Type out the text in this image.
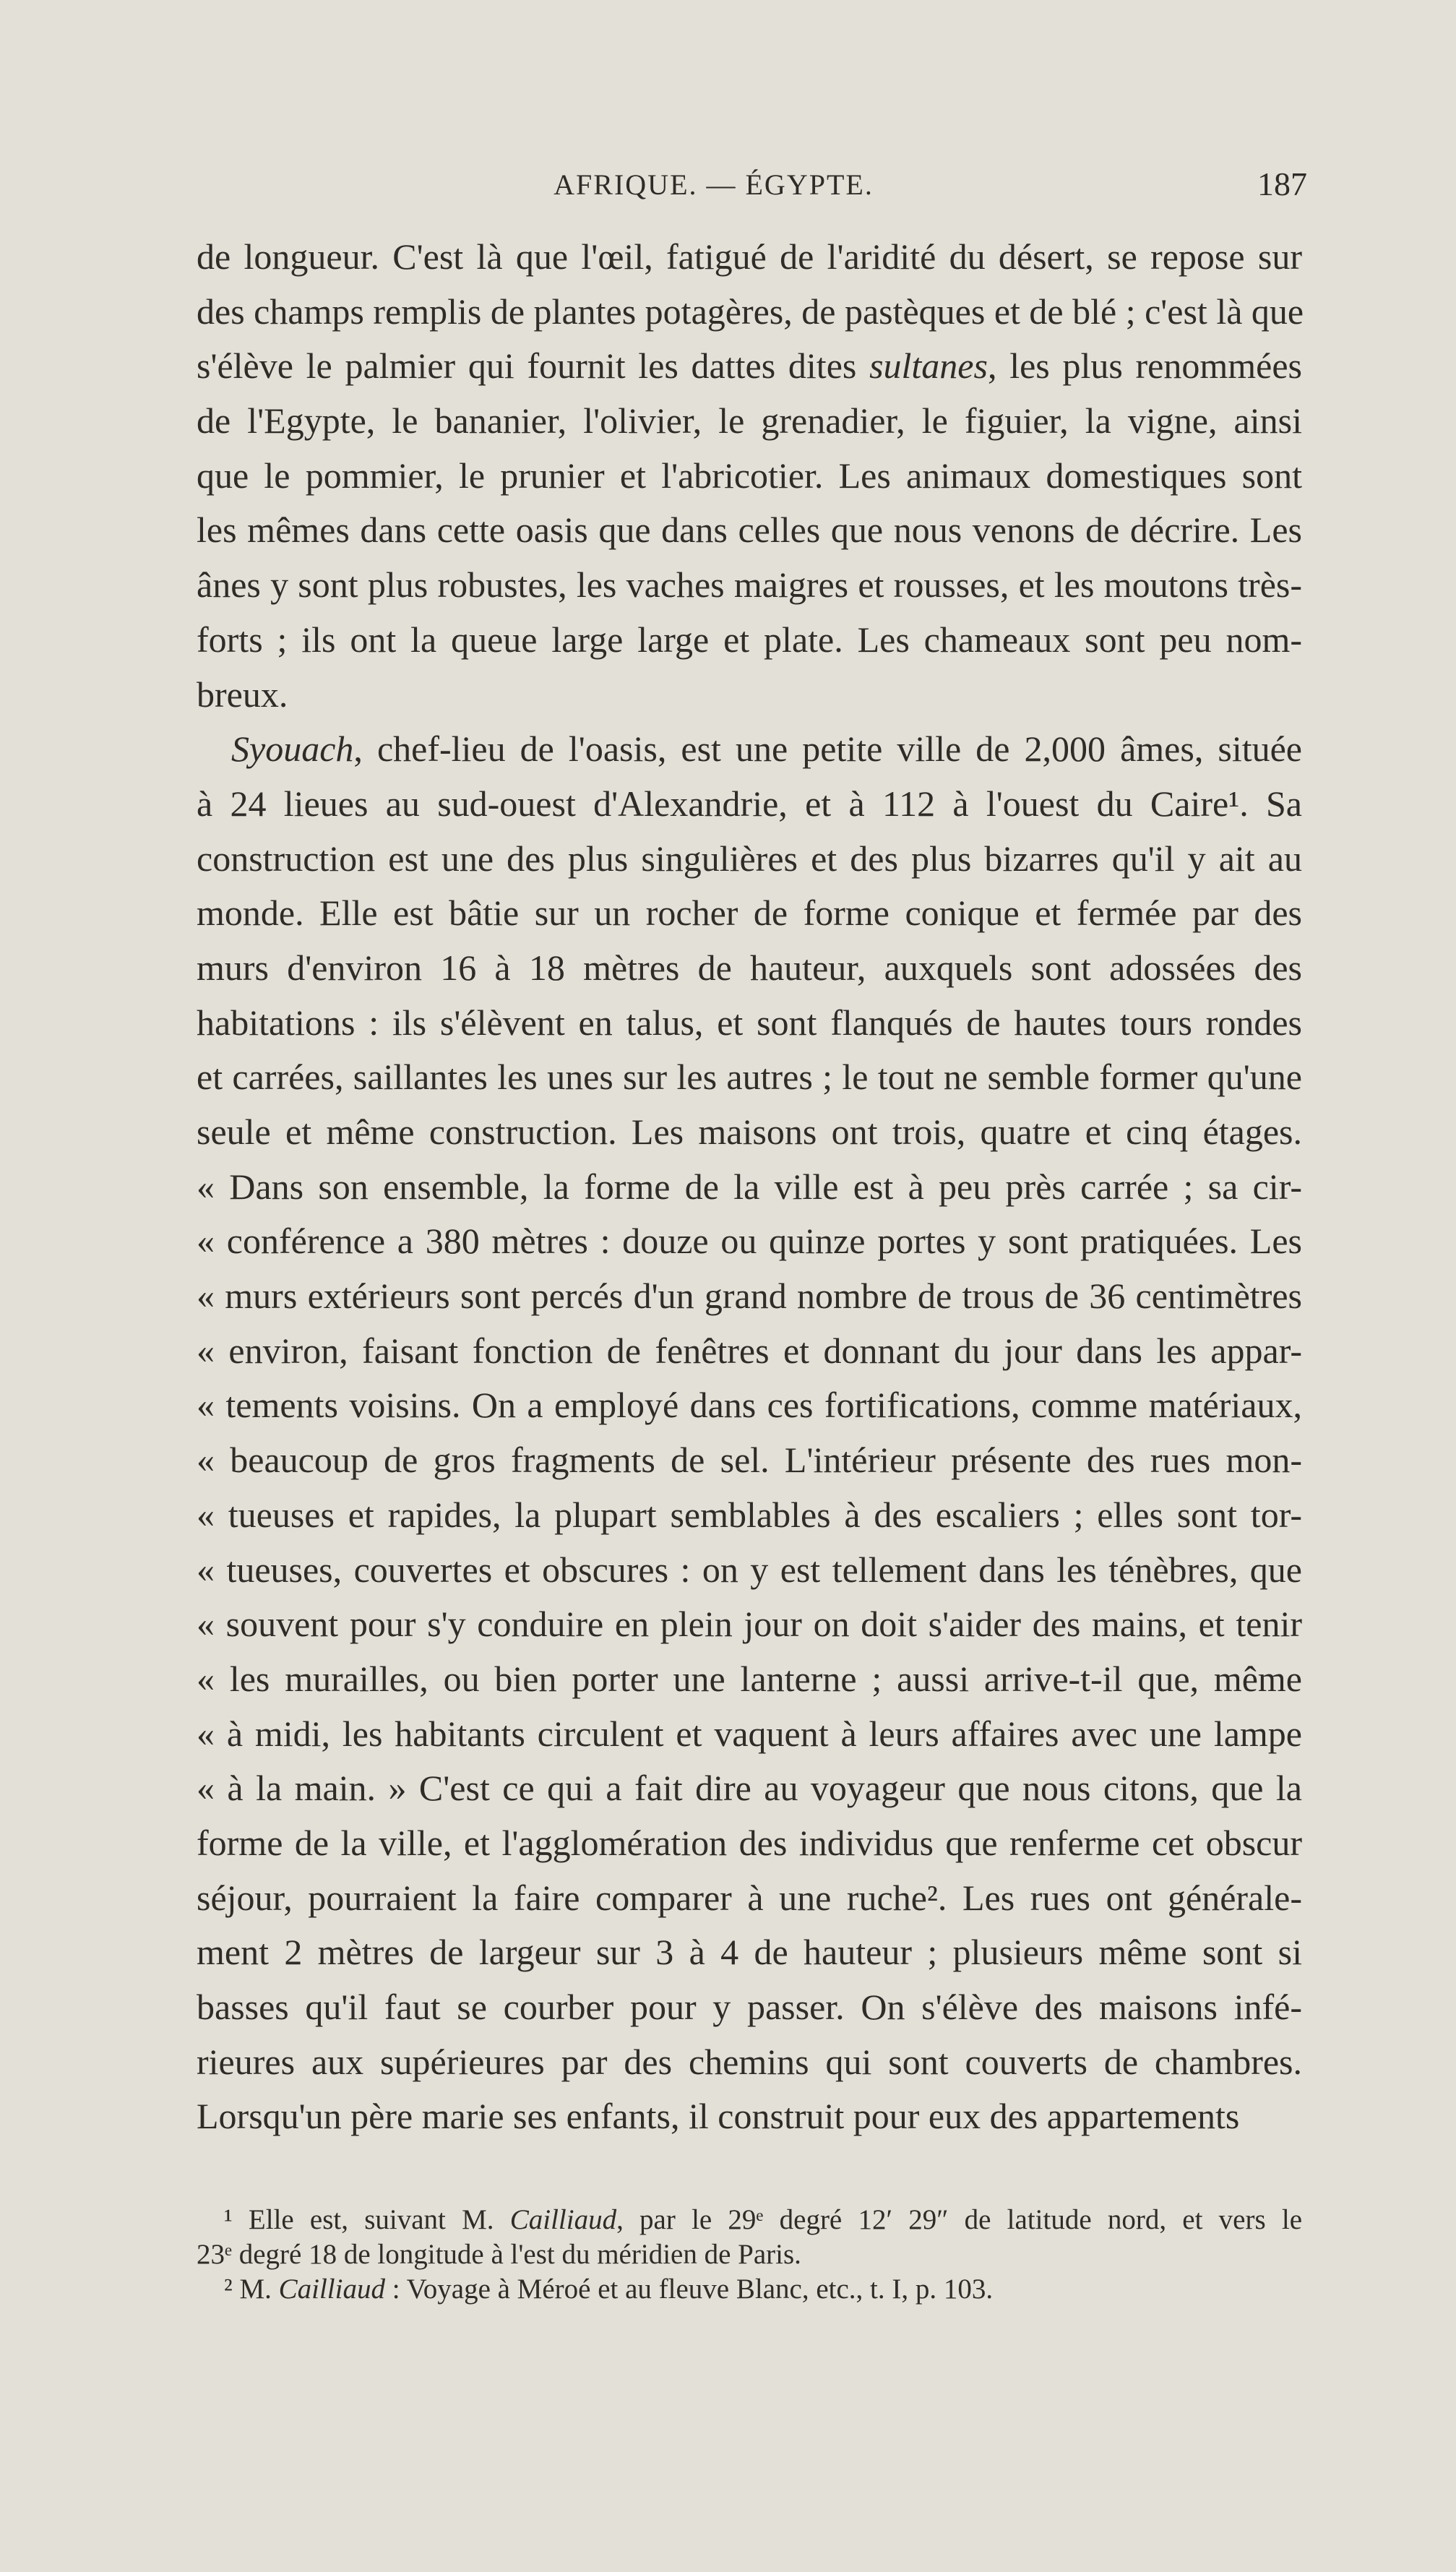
AFRIQUE. — ÉGYPTE.	187
de longueur. C'est là que l'œil, fatigué de l'aridité du désert, se repose sur
des champs remplis de plantes potagères, de pastèques et de blé ; c'est là que
s'élève le palmier qui fournit les dattes dites sultanes, les plus renommées
de l'Egypte, le bananier, l'olivier, le grenadier, le figuier, la vigne, ainsi
que le pommier, le prunier et l'abricotier. Les animaux domestiques sont
les mêmes dans cette oasis que dans celles que nous venons de décrire. Les
ânes y sont plus robustes, les vaches maigres et rousses, et les moutons très-
forts ; ils ont la queue large large et plate. Les chameaux sont peu nom-
breux.
Syouach, chef-lieu de l'oasis, est une petite ville de 2,000 âmes, située
à 24 lieues au sud-ouest d'Alexandrie, et à 112 à l'ouest du Caire¹. Sa
construction est une des plus singulières et des plus bizarres qu'il y ait au
monde. Elle est bâtie sur un rocher de forme conique et fermée par des
murs d'environ 16 à 18 mètres de hauteur, auxquels sont adossées des
habitations : ils s'élèvent en talus, et sont flanqués de hautes tours rondes
et carrées, saillantes les unes sur les autres ; le tout ne semble former qu'une
seule et même construction. Les maisons ont trois, quatre et cinq étages.
« Dans son ensemble, la forme de la ville est à peu près carrée ; sa cir-
« conférence a 380 mètres : douze ou quinze portes y sont pratiquées. Les
« murs extérieurs sont percés d'un grand nombre de trous de 36 centimètres
« environ, faisant fonction de fenêtres et donnant du jour dans les appar-
« tements voisins. On a employé dans ces fortifications, comme matériaux,
« beaucoup de gros fragments de sel. L'intérieur présente des rues mon-
« tueuses et rapides, la plupart semblables à des escaliers ; elles sont tor-
« tueuses, couvertes et obscures : on y est tellement dans les ténèbres, que
« souvent pour s'y conduire en plein jour on doit s'aider des mains, et tenir
« les murailles, ou bien porter une lanterne ; aussi arrive-t-il que, même
« à midi, les habitants circulent et vaquent à leurs affaires avec une lampe
« à la main. » C'est ce qui a fait dire au voyageur que nous citons, que la
forme de la ville, et l'agglomération des individus que renferme cet obscur
séjour, pourraient la faire comparer à une ruche². Les rues ont générale-
ment 2 mètres de largeur sur 3 à 4 de hauteur ; plusieurs même sont si
basses qu'il faut se courber pour y passer. On s'élève des maisons infé-
rieures aux supérieures par des chemins qui sont couverts de chambres.
Lorsqu'un père marie ses enfants, il construit pour eux des appartements
¹ Elle est, suivant M. Cailliaud, par le 29ᵉ degré 12′ 29″ de latitude nord, et vers le
23ᵉ degré 18 de longitude à l'est du méridien de Paris.
² M. Cailliaud : Voyage à Méroé et au fleuve Blanc, etc., t. I, p. 103.
